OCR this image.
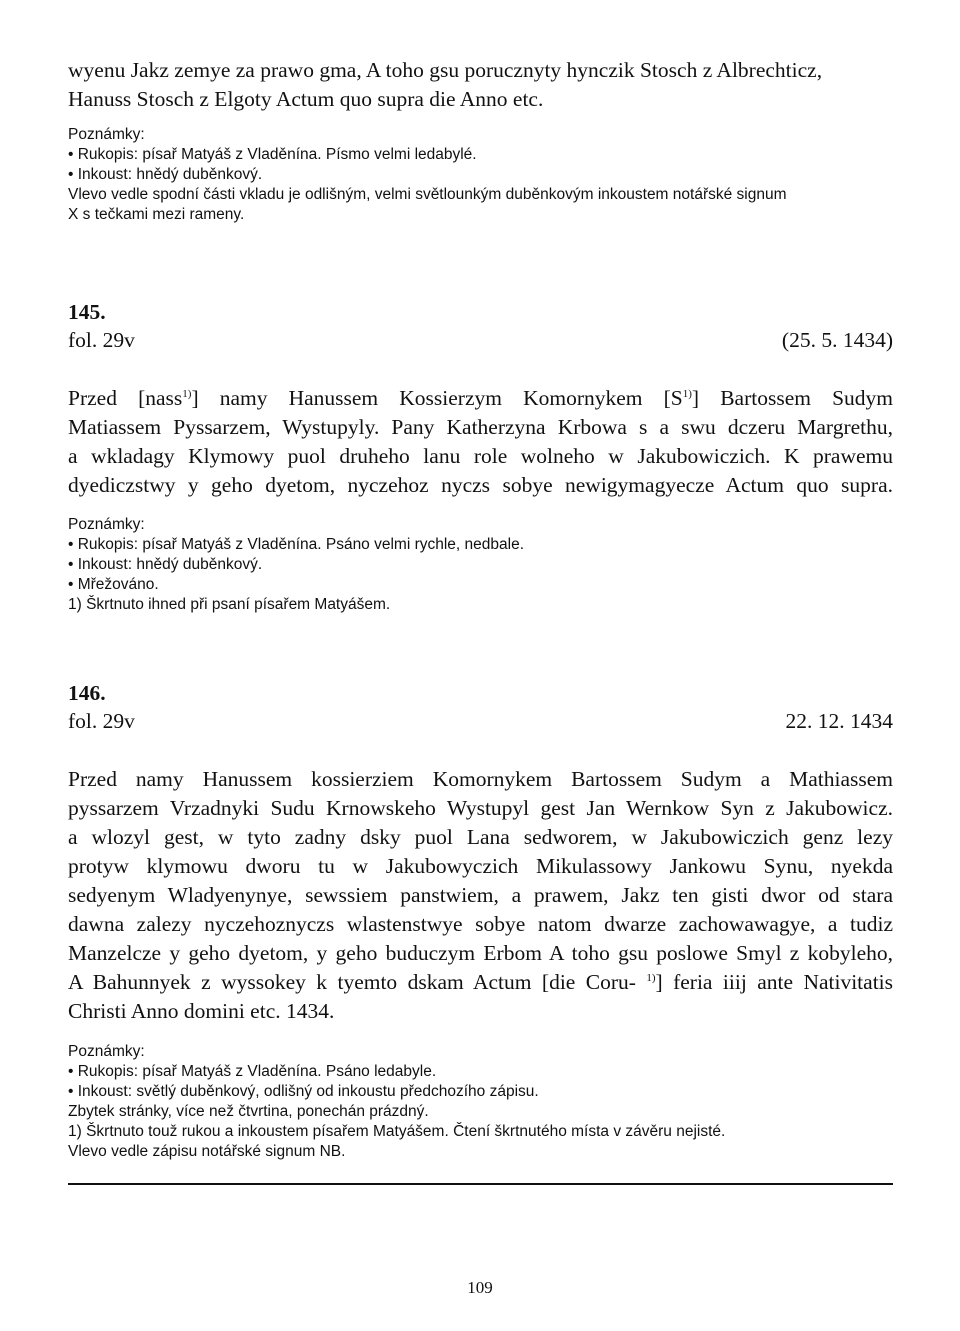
wyenu Jakz zemye za prawo gma, A toho gsu porucznyty hynczik Stosch z Albrechticz,
Hanuss Stosch z Elgoty Actum quo supra die Anno etc.
Poznámky:
• Rukopis: písař Matyáš z Vladěnína. Písmo velmi ledabylé.
• Inkoust: hnědý duběnkový.
Vlevo vedle spodní části vkladu je odlišným, velmi světlounkým duběnkovým inkoustem notářské signum
X s tečkami mezi rameny.
145.
fol. 29v	(25. 5. 1434)
Przed [nass$^{1)}$] namy Hanussem Kossierzym Komornykem $[S^{1)}]$ Bartossem Sudym
Matiassem Pyssarzem, Wystupyly. Pany Katherzyna Krbowa s a swu dczeru Margrethu,
a wkladagy Klymowy puol druheho lanu role wolneho w Jakubowiczich. K prawemu
dyediczstwy y geho dyetom, nyczehoz nyczs sobye newigymagyecze Actum quo supra.
Poznámky:
• Rukopis: písař Matyáš z Vladěnína. Psáno velmi rychle, nedbale.
• Inkoust: hnědý duběnkový.
• Mřežováno.
1) Škrtnuto ihned při psaní písařem Matyášem.
146.
fol. 29v	22. 12. 1434
Przed namy Hanussem kossierziem Komornykem Bartossem Sudym a Mathiassem
pyssarzem Vrzadnyki Sudu Krnowskeho Wystupyl gest Jan Wernkow Syn z Jakubowicz.
a wlozyl gest, w tyto zadny dsky puol Lana sedworem, w Jakubowiczich genz lezy
protyw klymowu dworu tu w Jakubowyczich Mikulassowy Jankowu Synu, nyekda
sedyenym Wladyenynye, sewssiem panstwiem, a prawem, Jakz ten gisti dwor od stara
dawna zalezy nyczehoznyczs wlastenstwye sobye natom dwarze zachowawagye, a tudiz
Manzelcze y geho dyetom, y geho buduczym Erbom A toho gsu poslowe Smyl z kobyleho,
A Bahunnyek z wyssokey k tyemto dskam Actum [die Coru- $^{1)}$] feria iiij ante Nativitatis
Christi Anno domini etc. 1434.
Poznámky:
• Rukopis: písař Matyáš z Vladěnína. Psáno ledabyle.
• Inkoust: světlý duběnkový, odlišný od inkoustu předchozího zápisu.
Zbytek stránky, více než čtvrtina, ponechán prázdný.
1) Škrtnuto touž rukou a inkoustem písařem Matyášem. Čtení škrtnutého místa v závěru nejisté.
Vlevo vedle zápisu notářské signum NB.
109
